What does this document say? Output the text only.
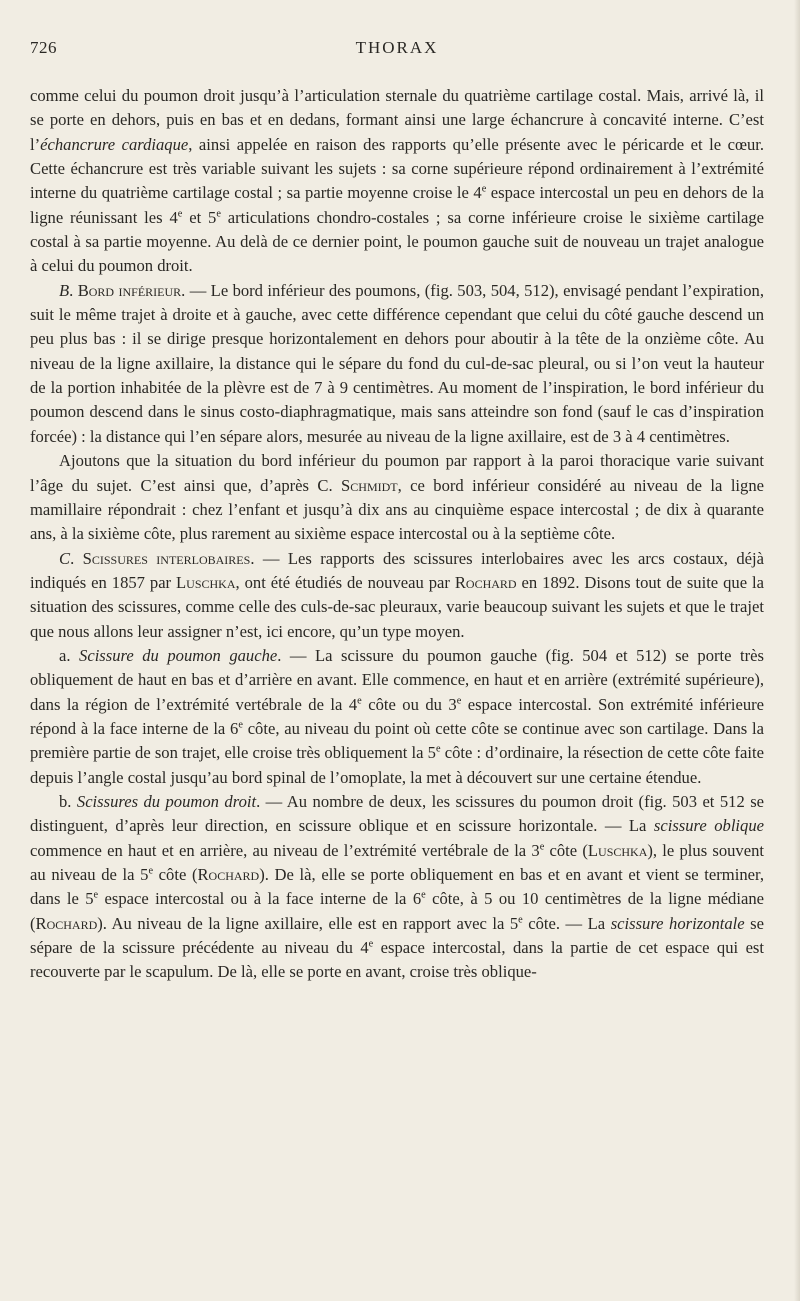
726	THORAX

comme celui du poumon droit jusqu’à l’articulation sternale du quatrième cartilage costal. Mais, arrivé là, il se porte en dehors, puis en bas et en dedans, formant ainsi une large échancrure à concavité interne. C’est l’échancrure cardiaque, ainsi appelée en raison des rapports qu’elle présente avec le péricarde et le cœur. Cette échancrure est très variable suivant les sujets : sa corne supérieure répond ordinairement à l’extrémité interne du quatrième cartilage costal ; sa partie moyenne croise le 4e espace intercostal un peu en dehors de la ligne réunissant les 4e et 5e articulations chondro-costales ; sa corne inférieure croise le sixième cartilage costal à sa partie moyenne. Au delà de ce dernier point, le poumon gauche suit de nouveau un trajet analogue à celui du poumon droit.

B. Bord inférieur. — Le bord inférieur des poumons, (fig. 503, 504, 512), envisagé pendant l’expiration, suit le même trajet à droite et à gauche, avec cette différence cependant que celui du côté gauche descend un peu plus bas : il se dirige presque horizontalement en dehors pour aboutir à la tête de la onzième côte. Au niveau de la ligne axillaire, la distance qui le sépare du fond du cul-de-sac pleural, ou si l’on veut la hauteur de la portion inhabitée de la plèvre est de 7 à 9 centimètres. Au moment de l’inspiration, le bord inférieur du poumon descend dans le sinus costo-diaphragmatique, mais sans atteindre son fond (sauf le cas d’inspiration forcée) : la distance qui l’en sépare alors, mesurée au niveau de la ligne axillaire, est de 3 à 4 centimètres.

Ajoutons que la situation du bord inférieur du poumon par rapport à la paroi thoracique varie suivant l’âge du sujet. C’est ainsi que, d’après C. Schmidt, ce bord inférieur considéré au niveau de la ligne mamillaire répondrait : chez l’enfant et jusqu’à dix ans au cinquième espace intercostal ; de dix à quarante ans, à la sixième côte, plus rarement au sixième espace intercostal ou à la septième côte.

C. Scissures interlobaires. — Les rapports des scissures interlobaires avec les arcs costaux, déjà indiqués en 1857 par Luschka, ont été étudiés de nouveau par Rochard en 1892. Disons tout de suite que la situation des scissures, comme celle des culs-de-sac pleuraux, varie beaucoup suivant les sujets et que le trajet que nous allons leur assigner n’est, ici encore, qu’un type moyen.

a. Scissure du poumon gauche. — La scissure du poumon gauche (fig. 504 et 512) se porte très obliquement de haut en bas et d’arrière en avant. Elle commence, en haut et en arrière (extrémité supérieure), dans la région de l’extrémité vertébrale de la 4e côte ou du 3e espace intercostal. Son extrémité inférieure répond à la face interne de la 6e côte, au niveau du point où cette côte se continue avec son cartilage. Dans la première partie de son trajet, elle croise très obliquement la 5e côte : d’ordinaire, la résection de cette côte faite depuis l’angle costal jusqu’au bord spinal de l’omoplate, la met à découvert sur une certaine étendue.

b. Scissures du poumon droit. — Au nombre de deux, les scissures du poumon droit (fig. 503 et 512 se distinguent, d’après leur direction, en scissure oblique et en scissure horizontale. — La scissure oblique commence en haut et en arrière, au niveau de l’extrémité vertébrale de la 3e côte (Luschka), le plus souvent au niveau de la 5e côte (Rochard). De là, elle se porte obliquement en bas et en avant et vient se terminer, dans le 5e espace intercostal ou à la face interne de la 6e côte, à 5 ou 10 centimètres de la ligne médiane (Rochard). Au niveau de la ligne axillaire, elle est en rapport avec la 5e côte. — La scissure horizontale se sépare de la scissure précédente au niveau du 4e espace intercostal, dans la partie de cet espace qui est recouverte par le scapulum. De là, elle se porte en avant, croise très oblique-
